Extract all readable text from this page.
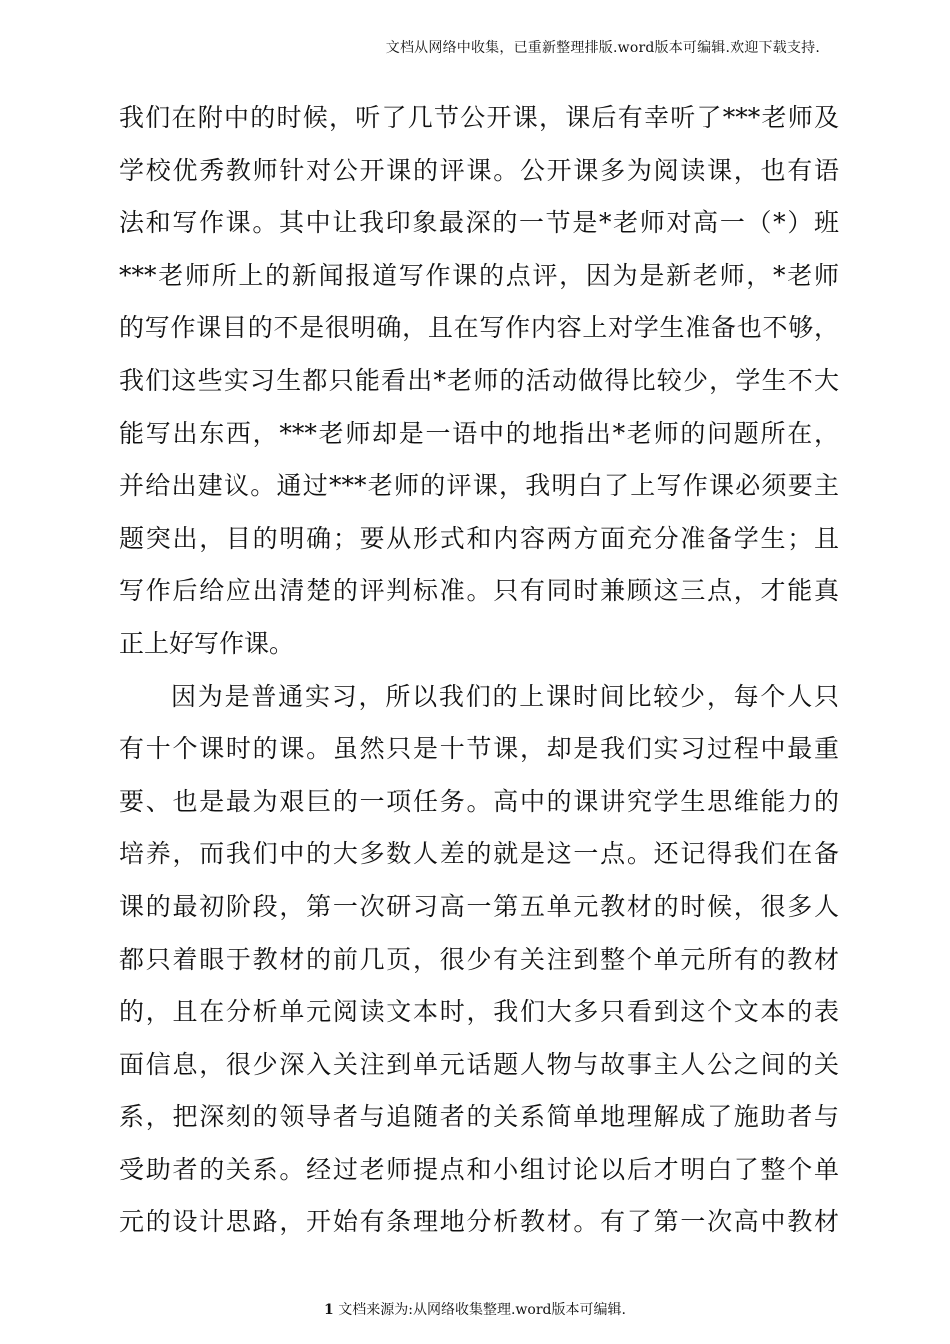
文档从网络中收集，已重新整理排版.word版本可编辑.欢迎下载支持.
我们在附中的时候，听了几节公开课，课后有幸听了***老师及
学校优秀教师针对公开课的评课。公开课多为阅读课，也有语
法和写作课。其中让我印象最深的一节是*老师对高一（*）班
***老师所上的新闻报道写作课的点评，因为是新老师，*老师
的写作课目的不是很明确，且在写作内容上对学生准备也不够，
我们这些实习生都只能看出*老师的活动做得比较少，学生不大
能写出东西，***老师却是一语中的地指出*老师的问题所在，
并给出建议。通过***老师的评课，我明白了上写作课必须要主
题突出，目的明确；要从形式和内容两方面充分准备学生；且
写作后给应出清楚的评判标准。只有同时兼顾这三点，才能真
正上好写作课。
因为是普通实习，所以我们的上课时间比较少，每个人只
有十个课时的课。虽然只是十节课，却是我们实习过程中最重
要、也是最为艰巨的一项任务。高中的课讲究学生思维能力的
培养，而我们中的大多数人差的就是这一点。还记得我们在备
课的最初阶段，第一次研习高一第五单元教材的时候，很多人
都只着眼于教材的前几页，很少有关注到整个单元所有的教材
的，且在分析单元阅读文本时，我们大多只看到这个文本的表
面信息，很少深入关注到单元话题人物与故事主人公之间的关
系，把深刻的领导者与追随者的关系简单地理解成了施助者与
受助者的关系。经过老师提点和小组讨论以后才明白了整个单
元的设计思路，开始有条理地分析教材。有了第一次高中教材
1 文档来源为:从网络收集整理.word版本可编辑.
